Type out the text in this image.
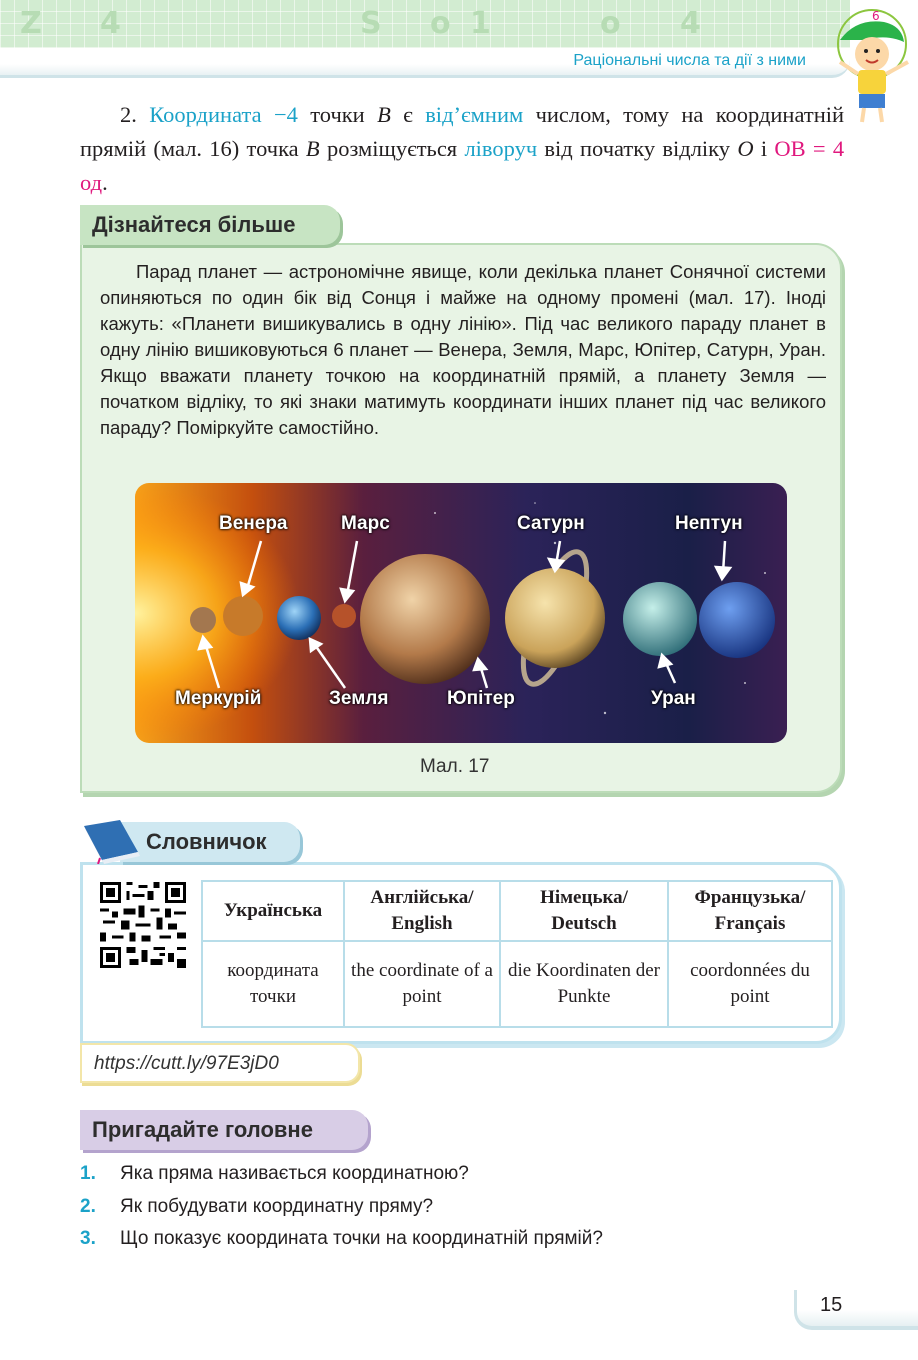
Z 4	S o 1	o 4
Раціональні числа та дії з ними
6

2. Координата −4 точки B є від’ємним числом, тому на координатній прямій (мал. 16) точка B розміщується ліворуч від початку відліку O і OB = 4 од.

Дізнайтеся більше

Парад планет — астрономічне явище, коли декілька планет Сонячної системи опиняються по один бік від Сонця і майже на одному промені (мал. 17). Іноді кажуть: «Планети вишикувались в одну лінію». Під час великого параду планет в одну лінію вишиковуються 6 планет — Венера, Земля, Марс, Юпітер, Сатурн, Уран. Якщо вважати планету точкою на координатній прямій, а планету Земля — початком відліку, то які знаки матимуть координати інших планет під час великого параду? Поміркуйте самостійно.

Венера	Марс	Сатурн	Нептун
Меркурій	Земля	Юпітер	Уран
Мал. 17
Словничок
Українська	Англійська/ English	Німецька/ Deutsch	Французька/ Français
координата точки	the coordinate of a point	die Koordinaten der Punkte	coordonnées du point
https://cutt.ly/97E3jD0
Пригадайте головне
1. Яка пряма називається координатною?
2. Як побудувати координатну пряму?
3. Що показує координата точки на координатній прямій?
15
